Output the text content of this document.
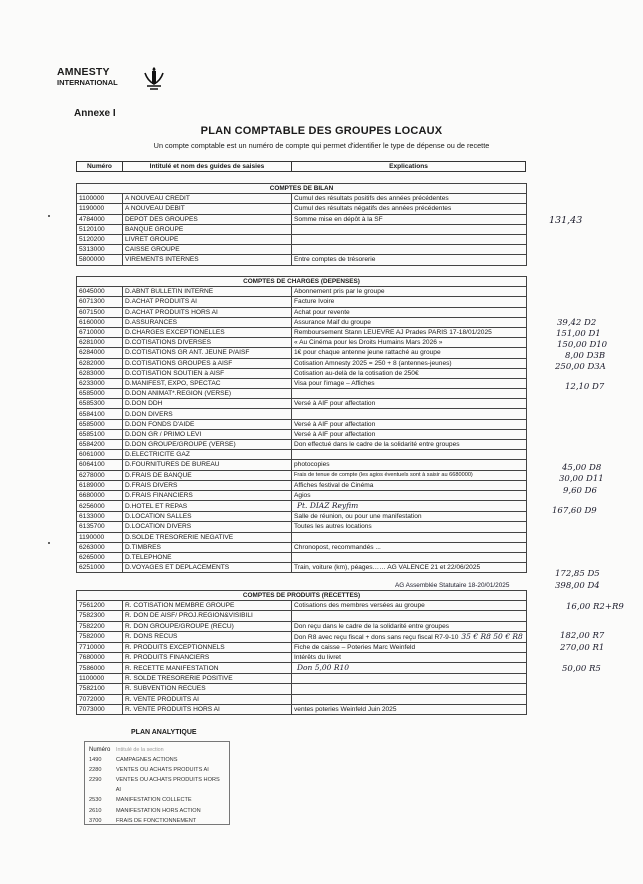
AMNESTY
INTERNATIONAL
Annexe I
PLAN COMPTABLE DES GROUPES LOCAUX
Un compte comptable est un numéro de compte qui permet d'identifier le type de dépense ou de recette
Numéro	Intitulé et nom des guides de saisies	Explications
COMPTES DE BILAN		
1100000	A NOUVEAU CREDIT	Cumul des résultats positifs des années précédentes
1190000	A NOUVEAU DEBIT	Cumul des résultats négatifs des années précédentes
4784000	DEPOT DES GROUPES	Somme mise en dépôt à la SF
5120100	BANQUE GROUPE	
5120200	LIVRET GROUPE	
5313000	CAISSE GROUPE	
5800000	VIREMENTS INTERNES	Entre comptes de trésorerie
COMPTES DE CHARGES (DEPENSES)		
6045000	D.ABNT BULLETIN INTERNE	Abonnement pris par le groupe
6071300	D.ACHAT PRODUITS AI	Facture Ivoire
6071500	D.ACHAT PRODUITS HORS AI	Achat pour revente
6160000	D.ASSURANCES	Assurance Maif du groupe
6710000	D.CHARGES EXCEPTIONELLES	Remboursement Stann LEUEVRE AJ Prades PARIS 17-18/01/2025
6281000	D.COTISATIONS DIVERSES	« Au Cinéma pour les Droits Humains Mars 2026 »
6284000	D.COTISATIONS GR ANT. JEUNE P/AISF	1€ pour chaque antenne jeune rattaché au groupe
6282000	D.COTISATIONS GROUPES à AISF	Cotisation Amnesty 2025 = 250 + 8 (antennes-jeunes)
6283000	D.COTISATION SOUTIEN à AISF	Cotisation au-delà de la cotisation de 250€
6233000	D.MANIFEST, EXPO, SPECTAC	Visa pour l'image – Affiches
6585000	D.DON ANIMAT*.REGION (VERSE)	
6585300	D.DON DDH	Versé à AIF pour affectation
6584100	D.DON DIVERS	
6585000	D.DON FONDS D'AIDE	Versé à AIF pour affectation
6585100	D.DON GR / PRIMO LEVI	Versé à AIF pour affectation
6584200	D.DON GROUPE/GROUPE (VERSE)	Don effectué dans le cadre de la solidarité entre groupes
6061000	D.ELECTRICITE GAZ	
6064100	D.FOURNITURES DE BUREAU	photocopies
6278000	D.FRAIS DE BANQUE	Frais de tenue de compte (les agios éventuels sont à saisir au 6680000)
6189000	D.FRAIS DIVERS	Affiches festival de Cinéma
6680000	D.FRAIS FINANCIERS	Agios
6256000	D.HOTEL ET REPAS	Pt. DIAZ Reyfim
6133000	D.LOCATION SALLES	Salle de réunion, ou pour une manifestation
6135700	D.LOCATION DIVERS	Toutes les autres locations
1190000	D.SOLDE TRESORERIE NEGATIVE	
6263000	D.TIMBRES	Chronopost, recommandés ...
6265000	D.TELEPHONE	
6251000	D.VOYAGES ET DEPLACEMENTS	Train, voiture (km), péages…… AG VALENCE 21 et 22/06/2025
AG Assemblée Statutaire 18-20/01/2025
COMPTES DE PRODUITS (RECETTES)		
7561200	R. COTISATION MEMBRE GROUPE	Cotisations des membres versées au groupe
7582300	R. DON DE AISF/ PROJ.REGION&VISIBILI	
7582200	R. DON GROUPE/GROUPE (RECU)	Don reçu dans le cadre de la solidarité entre groupes
7582000	R. DONS RECUS	Don R8 avec reçu fiscal + dons sans reçu fiscal R7-9-10 35 € R8 50 € R8
7710000	R. PRODUITS EXCEPTIONNELS	Fiche de caisse – Poteries Marc Weinfeld
7680000	R. PRODUITS FINANCIERS	Intérêts du livret
7586000	R. RECETTE MANIFESTATION	Don 5,00 R10
1100000	R. SOLDE TRESORERIE POSITIVE	
7582100	R. SUBVENTION RECUES	
7072000	R. VENTE PRODUITS AI	
7073000	R. VENTE PRODUITS HORS AI	ventes poteries Weinfeld Juin 2025
131,43
39,42 D2
151,00 D1
150,00 D10
8,00 D3B
250,00 D3A
12,10 D7
45,00 D8
30,00 D11
9,60 D6
167,60 D9
172,85 D5
398,00 D4
16,00 R2+R9
182,00 R7
270,00 R1
50,00 R5
PLAN ANALYTIQUE
Numéro	Intitulé de la section
1490	CAMPAGNES ACTIONS
2280	VENTES OU ACHATS PRODUITS AI
2290	VENTES OU ACHATS PRODUITS HORS AI
2530	MANIFESTATION COLLECTE
2610	MANIFESTATION HORS ACTION
3700	FRAIS DE FONCTIONNEMENT
